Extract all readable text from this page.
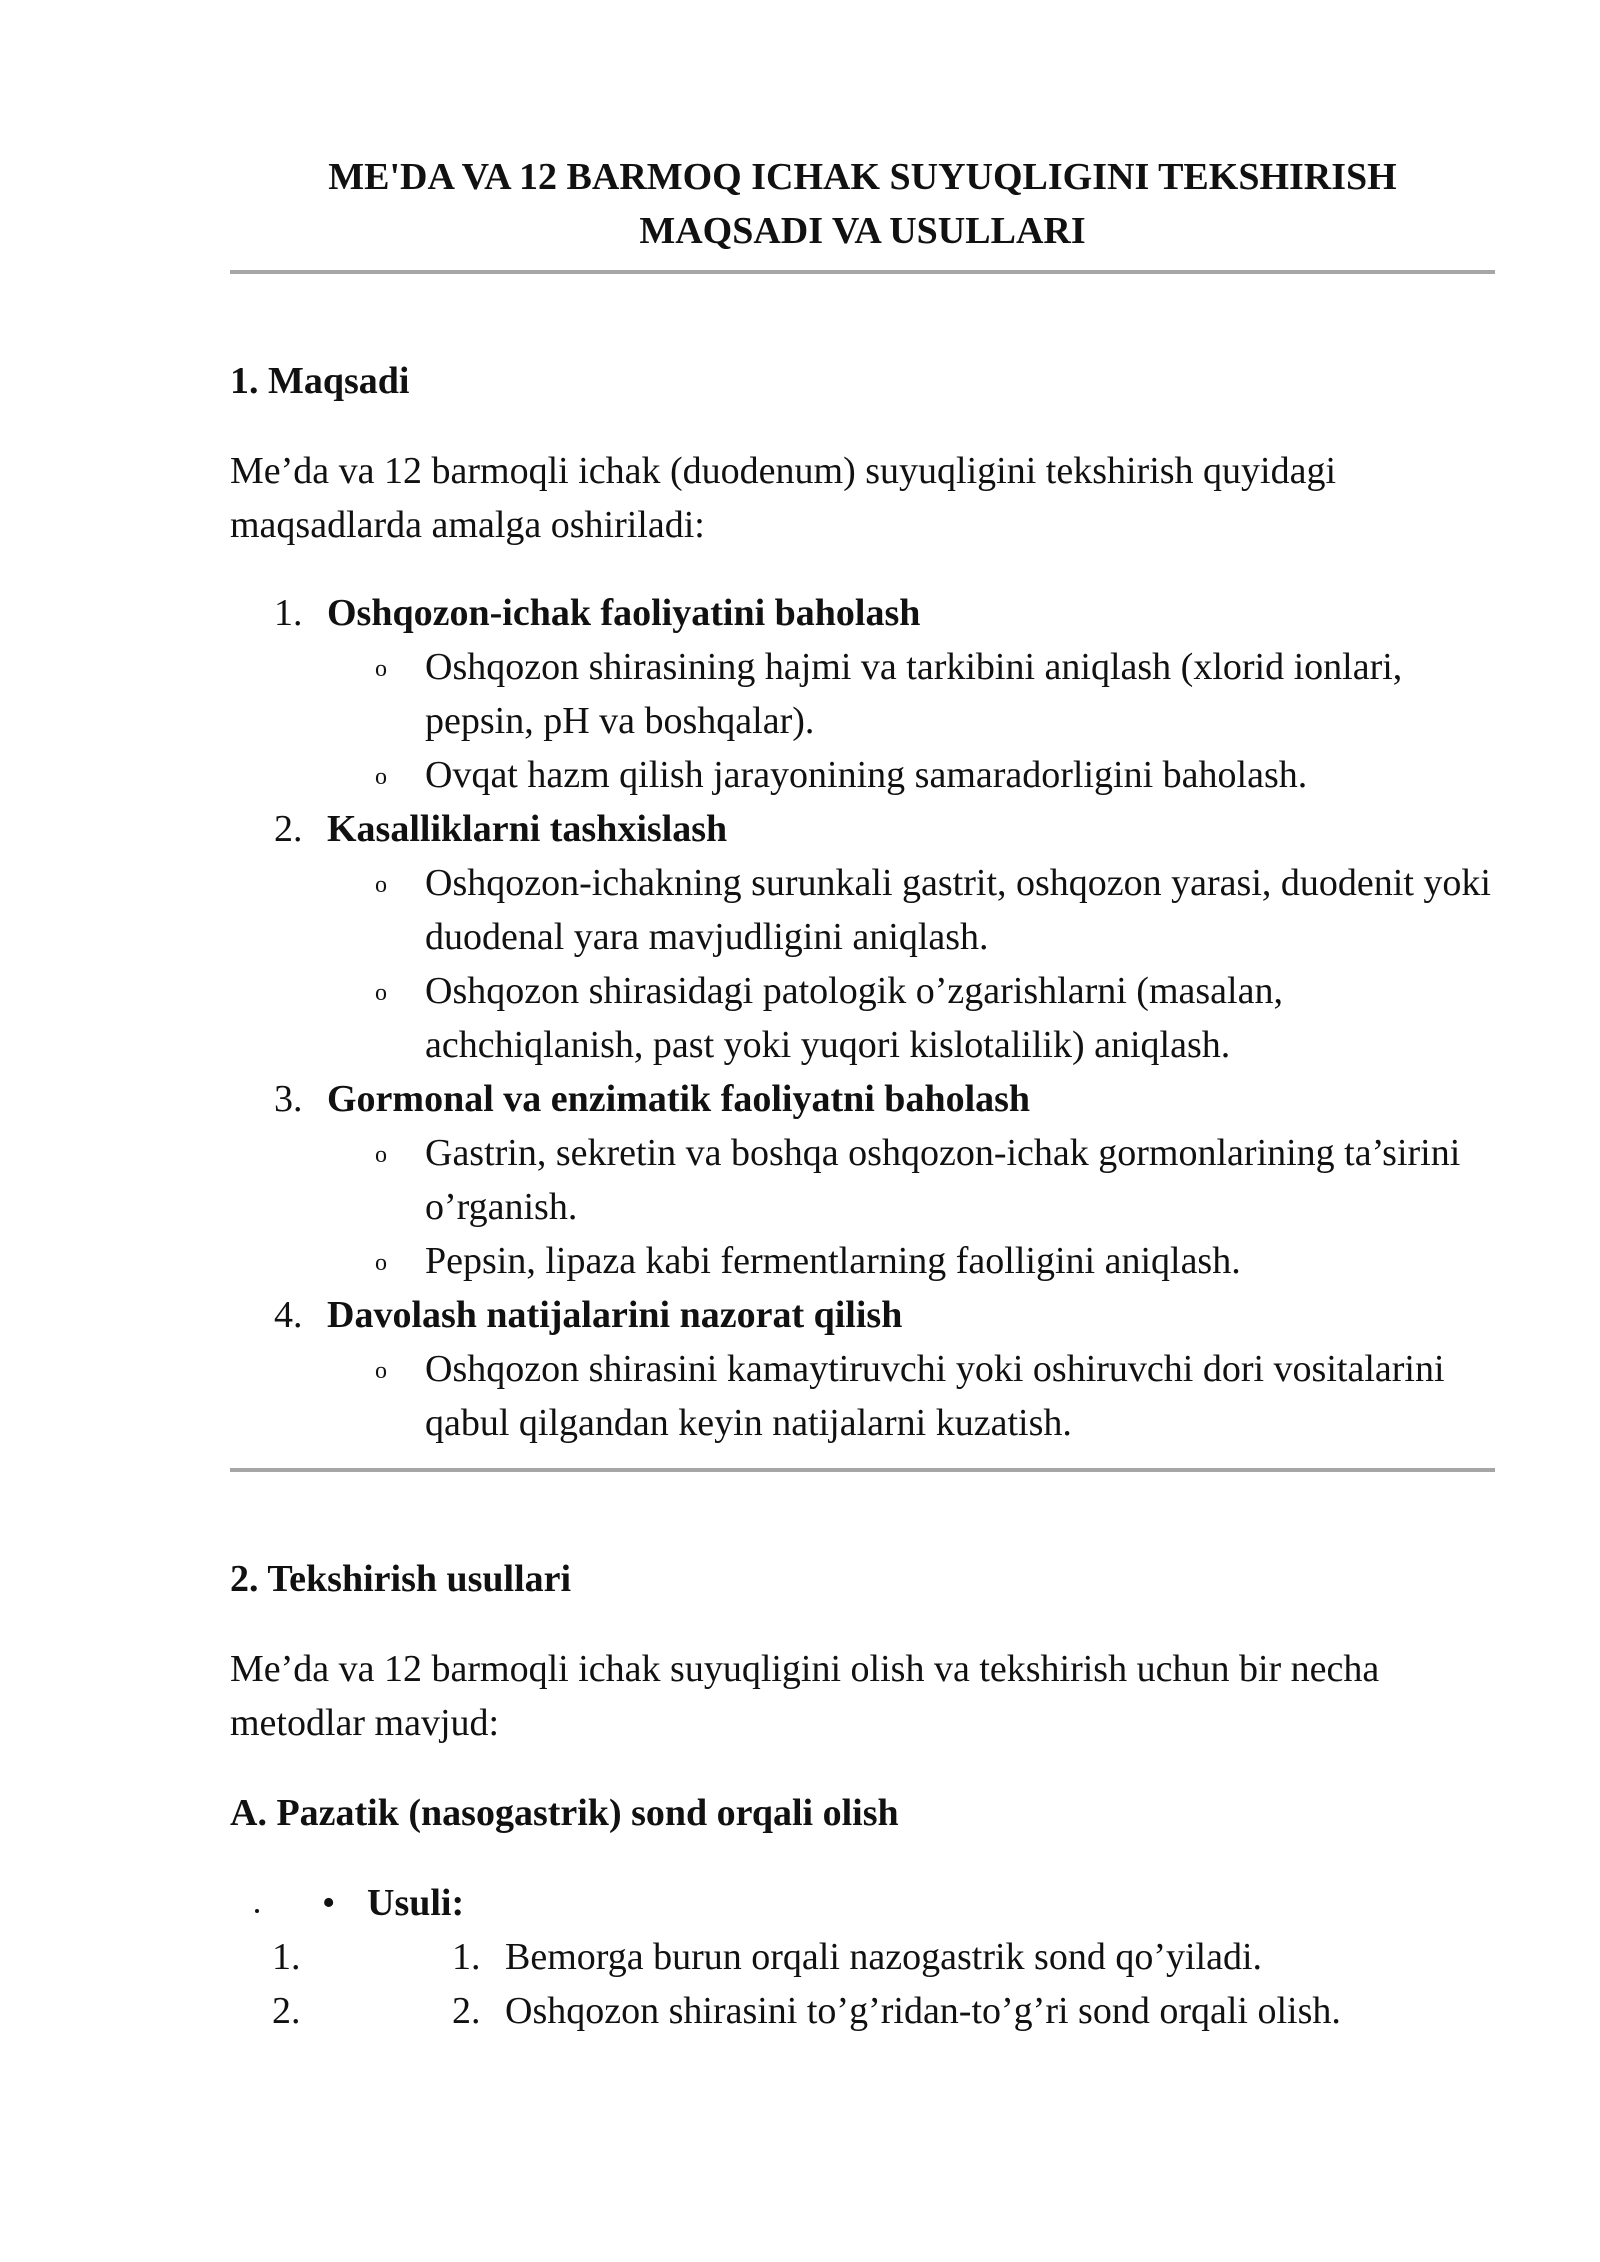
ME'DA VA 12 BARMOQ ICHAK SUYUQLIGINI TEKSHIRISH
MAQSADI VA USULLARI
1. Maqsadi

Me’da va 12 barmoqli ichak (duodenum) suyuqligini tekshirish quyidagi maqsadlarda amalga oshiriladi:

1. Oshqozon-ichak faoliyatini baholash
o Oshqozon shirasining hajmi va tarkibini aniqlash (xlorid ionlari, pepsin, pH va boshqalar).
o Ovqat hazm qilish jarayonining samaradorligini baholash.
2. Kasalliklarni tashxislash
o Oshqozon-ichakning surunkali gastrit, oshqozon yarasi, duodenit yoki duodenal yara mavjudligini aniqlash.
o Oshqozon shirasidagi patologik o’zgarishlarni (masalan, achchiqlanish, past yoki yuqori kislotalilik) aniqlash.
3. Gormonal va enzimatik faoliyatni baholash
o Gastrin, sekretin va boshqa oshqozon-ichak gormonlarining ta’sirini o’rganish.
o Pepsin, lipaza kabi fermentlarning faolligini aniqlash.
4. Davolash natijalarini nazorat qilish
o Oshqozon shirasini kamaytiruvchi yoki oshiruvchi dori vositalarini qabul qilgandan keyin natijalarni kuzatish.
2. Tekshirish usullari

Me’da va 12 barmoqli ichak suyuqligini olish va tekshirish uchun bir necha metodlar mavjud:

A. Pazatik (nasogastrik) sond orqali olish
• • Usuli:
1. 1. Bemorga burun orqali nazogastrik sond qo’yiladi.
2. 2. Oshqozon shirasini to’g’ridan-to’g’ri sond orqali olish.
